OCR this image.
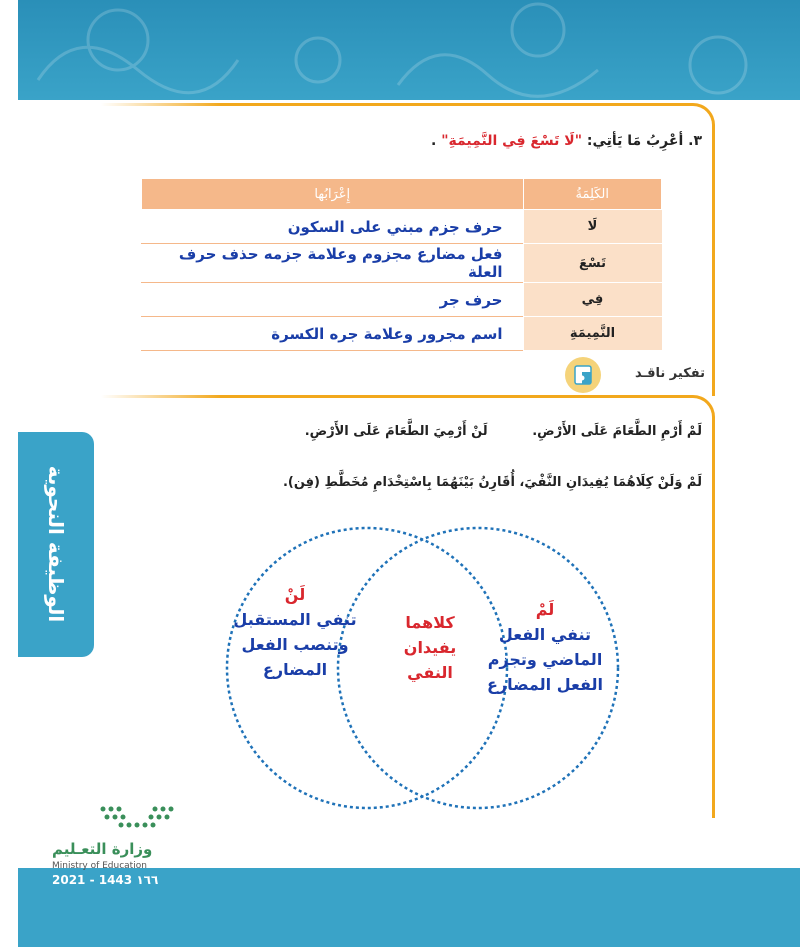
٣. أعْرِبُ مَا يَأتِي: "لَا تَسْعَ فِي النَّمِيمَةِ" .
الكَلِمَةُ	إِعْرَابُها
لَا	حرف جزم مبني على السكون
تَسْعَ	فعل مضارع مجزوم وعلامة جزمه حذف حرف العلة
فِي	حرف جر
النَّمِيمَةِ	اسم مجرور وعلامة جره الكسرة
تفكير ناقـد
لَمْ أَرْمِ الطَّعَامَ عَلَى الأَرْضِ. لَنْ أَرْمِيَ الطَّعَامَ عَلَى الأَرْضِ.
لَمْ وَلَنْ كِلَاهُمَا يُفِيدَانِ النَّفْيَ، أُقَارِنُ بَيْنَهُمَا بِاسْتِخْدَامِ مُخَطَّطِ (فِن).
الوظيفة النحوية	لَمْ
تنفي الفعل
الماضي وتجزم
الفعل المضارع
كلاهما
يفيدان
النفي
لَنْ
تنفي المستقبل
وتنصب الفعل
المضارع
وزارة التعـليم
Ministry of Education
2021 - 1443 ١٦٦
